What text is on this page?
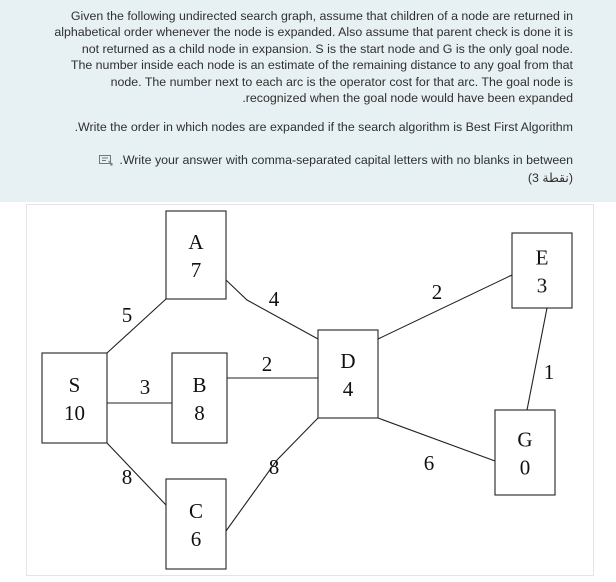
Given the following undirected search graph, assume that children of a node are returned in
alphabetical order whenever the node is expanded. Also assume that parent check is done it is
not returned as a child node in expansion. S is the start node and G is the only goal node.
The number inside each node is an estimate of the remaining distance to any goal from that
node. The number next to each arc is the operator cost for that arc. The goal node is
.recognized when the goal node would have been expanded
.Write the order in which nodes are expanded if the search algorithm is Best First Algorithm
.Write your answer with comma-separated capital letters with no blanks in between
(3 نقطة)
5
3
8
4
2
8
2
6
1
S
10
A
7
B
8
C
6
D
4
E
3
G
0
